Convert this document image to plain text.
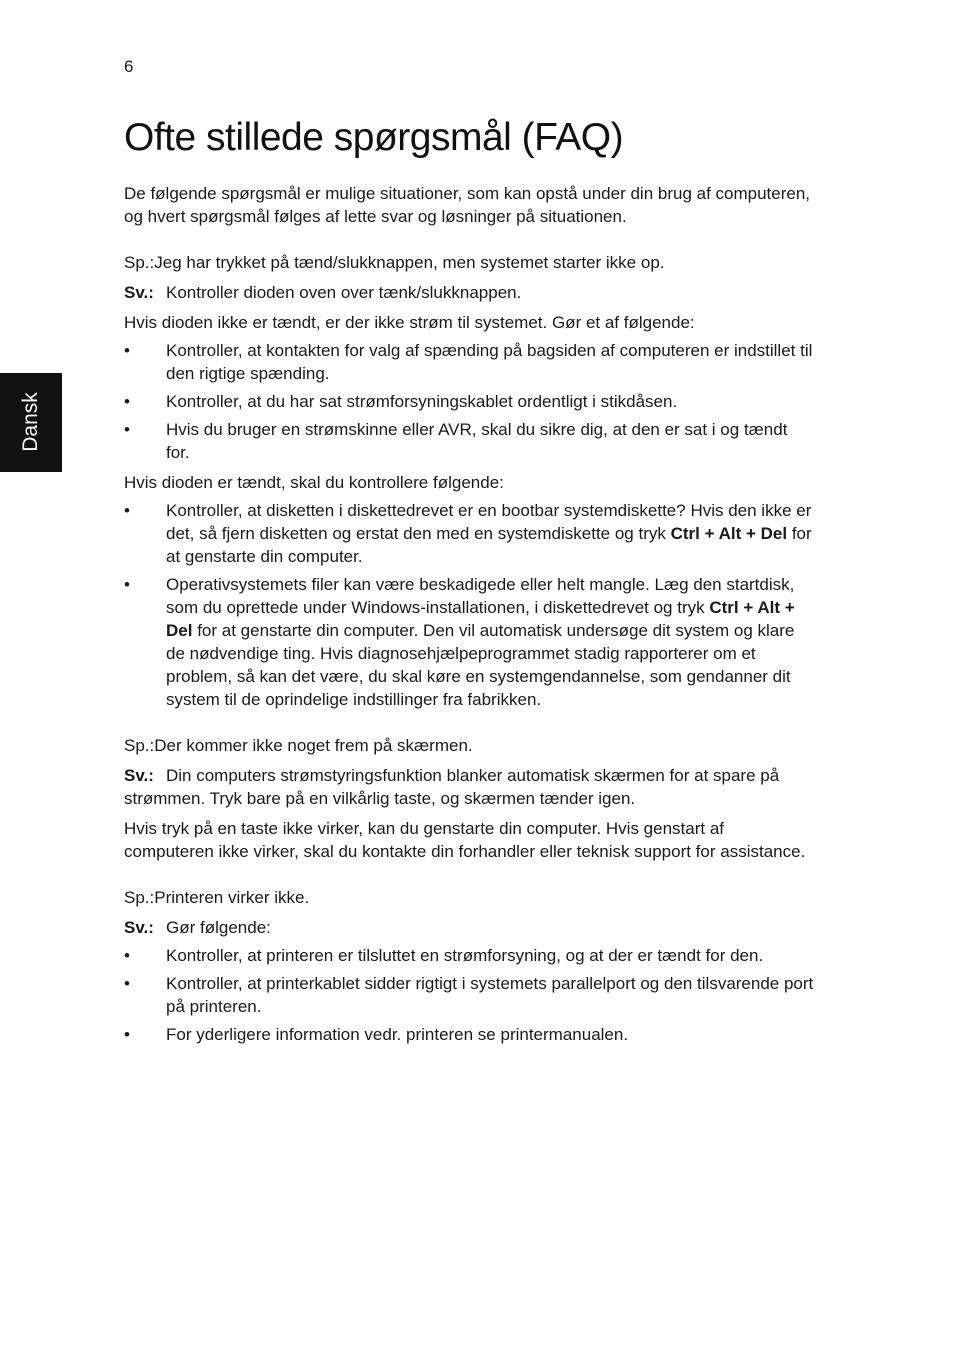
6
Dansk
Ofte stillede spørgsmål (FAQ)

De følgende spørgsmål er mulige situationer, som kan opstå under din brug af computeren, og hvert spørgsmål følges af lette svar og løsninger på situationen.

Sp.:Jeg har trykket på tænd/slukknappen, men systemet starter ikke op.

Sv.: Kontroller dioden oven over tænk/slukknappen.

Hvis dioden ikke er tændt, er der ikke strøm til systemet. Gør et af følgende:

•	Kontroller, at kontakten for valg af spænding på bagsiden af computeren er indstillet til den rigtige spænding.
•	Kontroller, at du har sat strømforsyningskablet ordentligt i stikdåsen.
•	Hvis du bruger en strømskinne eller AVR, skal du sikre dig, at den er sat i og tændt for.

Hvis dioden er tændt, skal du kontrollere følgende:

•	Kontroller, at disketten i diskettedrevet er en bootbar systemdiskette? Hvis den ikke er det, så fjern disketten og erstat den med en systemdiskette og tryk Ctrl + Alt + Del for at genstarte din computer.
•	Operativsystemets filer kan være beskadigede eller helt mangle. Læg den startdisk, som du oprettede under Windows-installationen, i diskettedrevet og tryk Ctrl + Alt + Del for at genstarte din computer. Den vil automatisk undersøge dit system og klare de nødvendige ting. Hvis diagnosehjælpeprogrammet stadig rapporterer om et problem, så kan det være, du skal køre en systemgendannelse, som gendanner dit system til de oprindelige indstillinger fra fabrikken.

Sp.:Der kommer ikke noget frem på skærmen.

Sv.: Din computers strømstyringsfunktion blanker automatisk skærmen for at spare på strømmen. Tryk bare på en vilkårlig taste, og skærmen tænder igen.

Hvis tryk på en taste ikke virker, kan du genstarte din computer. Hvis genstart af computeren ikke virker, skal du kontakte din forhandler eller teknisk support for assistance.

Sp.:Printeren virker ikke.

Sv.: Gør følgende:

•	Kontroller, at printeren er tilsluttet en strømforsyning, og at der er tændt for den.
•	Kontroller, at printerkablet sidder rigtigt i systemets parallelport og den tilsvarende port på printeren.
•	For yderligere information vedr. printeren se printermanualen.
